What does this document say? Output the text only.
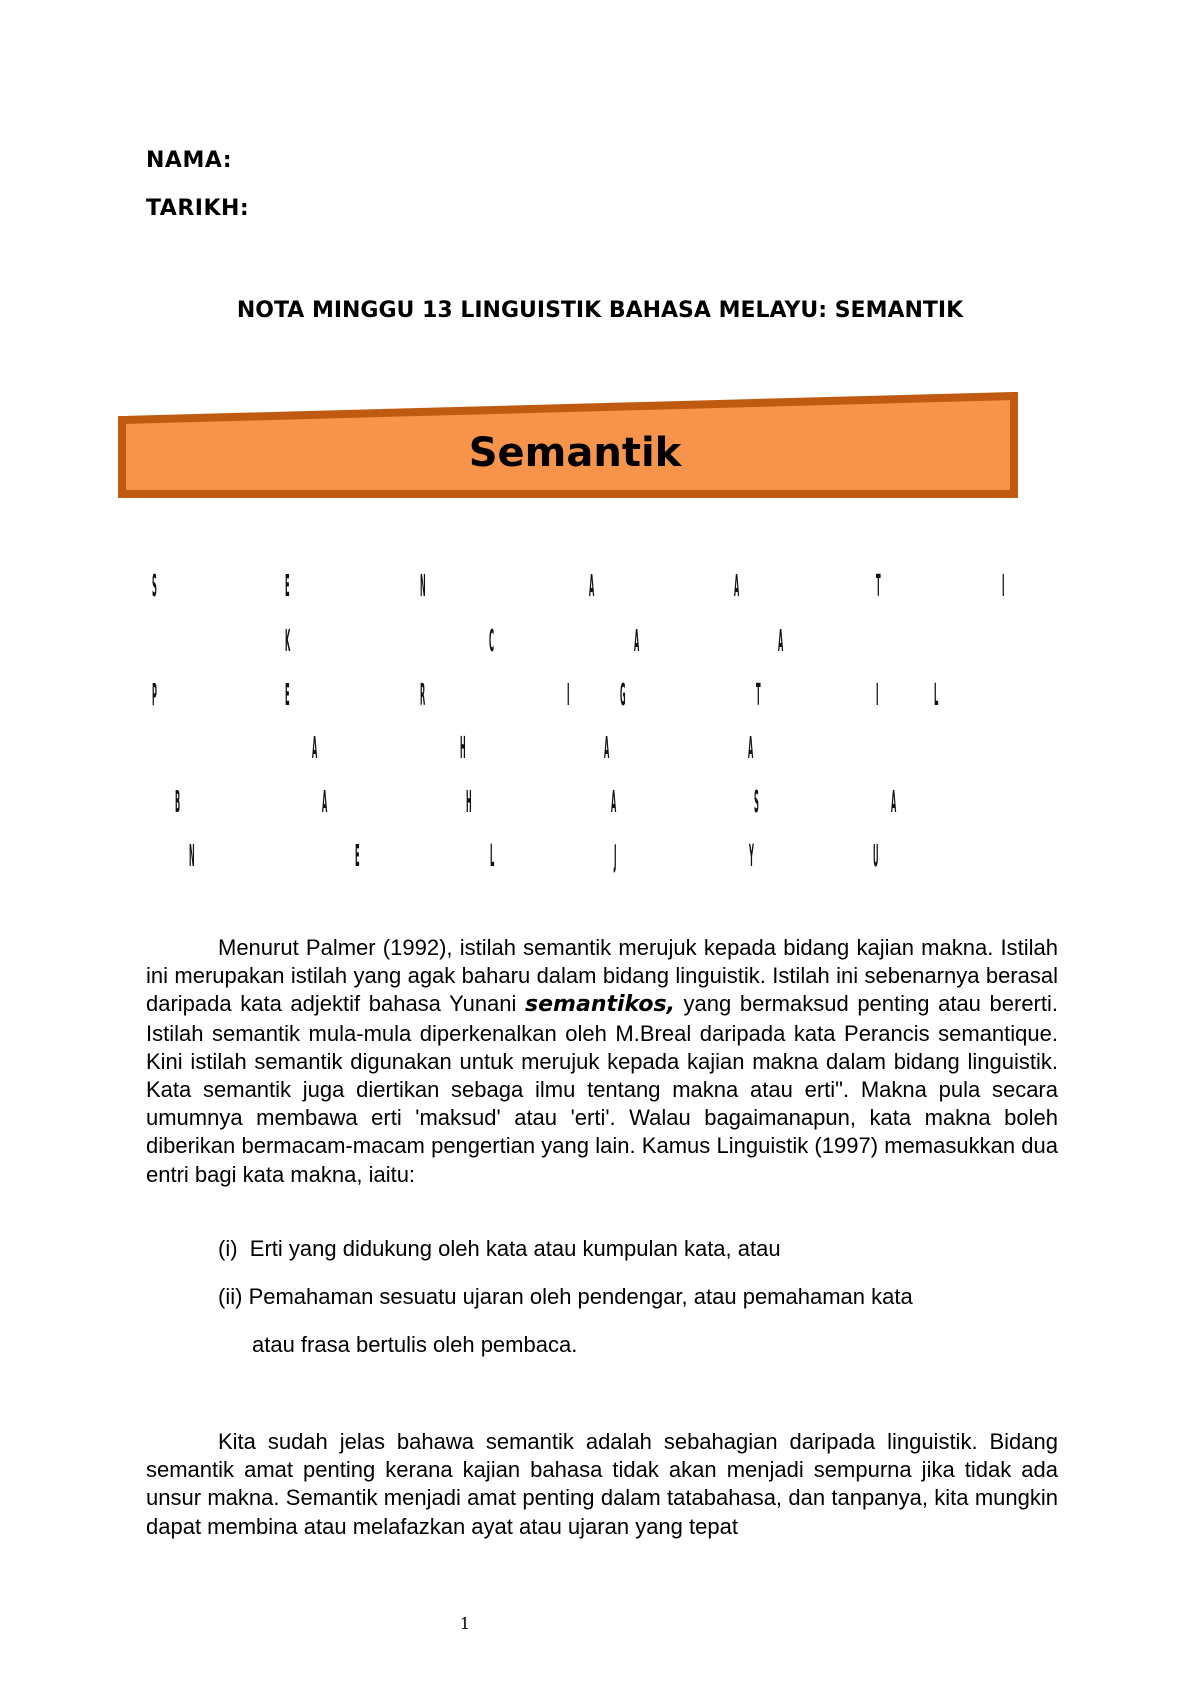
NAMA:
TARIKH:
NOTA MINGGU 13 LINGUISTIK BAHASA MELAYU: SEMANTIK
Semantik
S	E	N	A	A	T	I
K	C	A	A
P	E	R	I G	T	I L
A	H	A	A
B	A	H	A	S	A
N	E	L	J	Y	U
Menurut Palmer (1992), istilah semantik merujuk kepada bidang kajian makna. Istilah ini merupakan istilah yang agak baharu dalam bidang linguistik. Istilah ini sebenarnya berasal daripada kata adjektif bahasa Yunani semantikos, yang bermaksud penting atau bererti. Istilah semantik mula-mula diperkenalkan oleh M.Breal daripada kata Perancis semantique. Kini istilah semantik digunakan untuk merujuk kepada kajian makna dalam bidang linguistik. Kata semantik juga diertikan sebaga ilmu tentang makna atau erti". Makna pula secara umumnya membawa erti 'maksud' atau 'erti'. Walau bagaimanapun, kata makna boleh diberikan bermacam-macam pengertian yang lain. Kamus Linguistik (1997) memasukkan dua entri bagi kata makna, iaitu:
(i) Erti yang didukung oleh kata atau kumpulan kata, atau
(ii) Pemahaman sesuatu ujaran oleh pendengar, atau pemahaman kata
atau frasa bertulis oleh pembaca.
Kita sudah jelas bahawa semantik adalah sebahagian daripada linguistik. Bidang semantik amat penting kerana kajian bahasa tidak akan menjadi sempurna jika tidak ada unsur makna. Semantik menjadi amat penting dalam tatabahasa, dan tanpanya, kita mungkin dapat membina atau melafazkan ayat atau ujaran yang tepat
1
